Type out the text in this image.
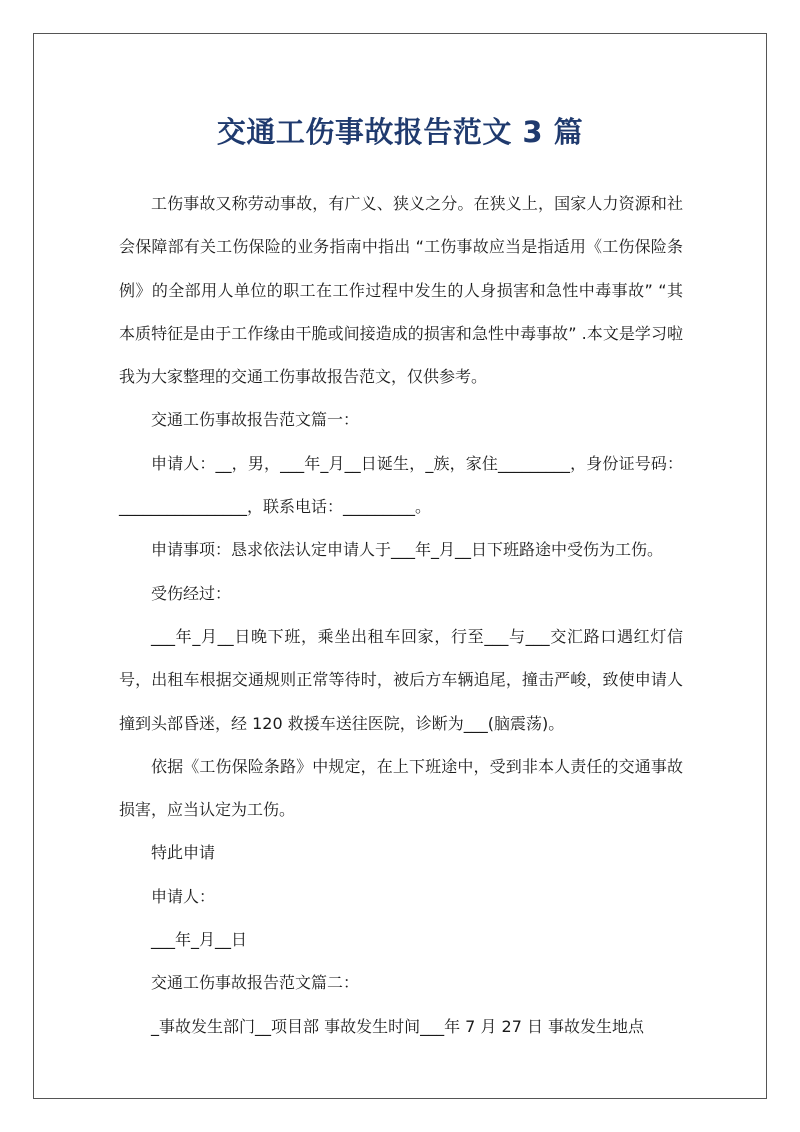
交通工伤事故报告范文 3 篇

工伤事故又称劳动事故，有广义、狭义之分。在狭义上，国家人力资源和社会保障部有关工伤保险的业务指南中指出 “工伤事故应当是指适用《工伤保险条例》的全部用人单位的职工在工作过程中发生的人身损害和急性中毒事故” “其本质特征是由于工作缘由干脆或间接造成的损害和急性中毒事故” .本文是学习啦我为大家整理的交通工伤事故报告范文，仅供参考。

交通工伤事故报告范文篇一：

申请人：__，男，___年_月__日诞生，_族，家住_________，身份证号码：________________，联系电话：_________。

申请事项：恳求依法认定申请人于___年_月__日下班路途中受伤为工伤。

受伤经过：

___年_月__日晚下班，乘坐出租车回家，行至___与___交汇路口遇红灯信号，出租车根据交通规则正常等待时，被后方车辆追尾，撞击严峻，致使申请人撞到头部昏迷，经 120 救援车送往医院，诊断为___(脑震荡)。

依据《工伤保险条路》中规定，在上下班途中，受到非本人责任的交通事故损害，应当认定为工伤。

特此申请

申请人：

___年_月__日

交通工伤事故报告范文篇二：

_事故发生部门__项目部 事故发生时间___年 7 月 27 日 事故发生地点
